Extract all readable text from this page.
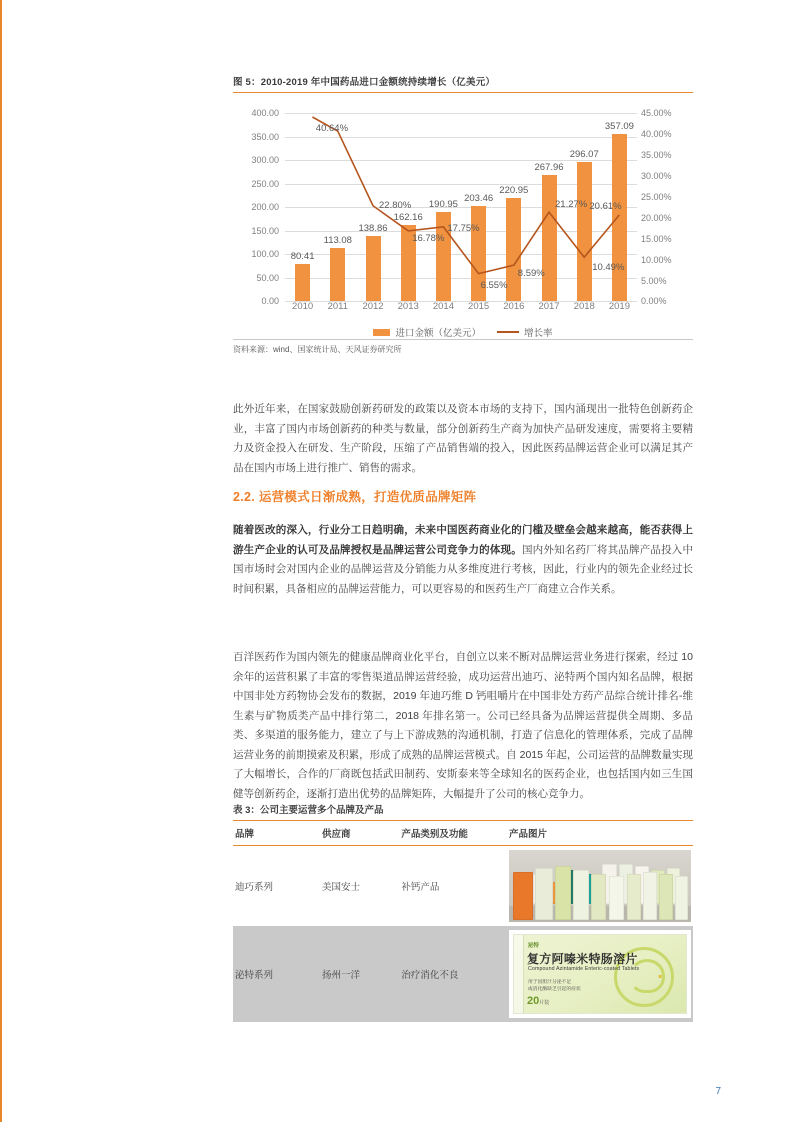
图 5：2010-2019 年中国药品进口金额统持续增长（亿美元）
0.00
50.00
100.00
150.00
200.00
250.00
300.00
350.00
400.00
0.00%
5.00%
10.00%
15.00%
20.00%
25.00%
30.00%
35.00%
40.00%
45.00%
80.41
113.08
138.86
162.16
190.95
203.46
220.95
267.96
296.07
357.09
22.80%
16.78%
17.75%
6.55%
8.59%
21.27%
10.49%
20.61%
40.64%
2010	2011	2012	2013	2014	2015	2016	2017	2018	2019
进口金额（亿美元）	增长率
资料来源：wind、国家统计局、天风证券研究所
此外近年来，在国家鼓励创新药研发的政策以及资本市场的支持下，国内涌现出一批特色创新药企业，丰富了国内市场创新药的种类与数量，部分创新药生产商为加快产品研发速度，需要将主要精力及资金投入在研发、生产阶段，压缩了产品销售端的投入，因此医药品牌运营企业可以满足其产品在国内市场上进行推广、销售的需求。
2.2. 运营模式日渐成熟，打造优质品牌矩阵
随着医改的深入，行业分工日趋明确，未来中国医药商业化的门槛及壁垒会越来越高，能否获得上游生产企业的认可及品牌授权是品牌运营公司竞争力的体现。国内外知名药厂将其品牌产品投入中国市场时会对国内企业的品牌运营及分销能力从多维度进行考核，因此，行业内的领先企业经过长时间积累，具备相应的品牌运营能力，可以更容易的和医药生产厂商建立合作关系。
百洋医药作为国内领先的健康品牌商业化平台，自创立以来不断对品牌运营业务进行探索，经过 10 余年的运营积累了丰富的零售渠道品牌运营经验，成功运营出迪巧、泌特两个国内知名品牌，根据中国非处方药物协会发布的数据，2019 年迪巧维 D 钙咀嚼片在中国非处方药产品综合统计排名-维生素与矿物质类产品中排行第二，2018 年排名第一。公司已经具备为品牌运营提供全周期、多品类、多渠道的服务能力，建立了与上下游成熟的沟通机制，打造了信息化的管理体系，完成了品牌运营业务的前期摸索及积累，形成了成熟的品牌运营模式。自 2015 年起，公司运营的品牌数量实现了大幅增长，合作的厂商既包括武田制药、安斯泰来等全球知名的医药企业，也包括国内如三生国健等创新药企，逐渐打造出优势的品牌矩阵，大幅提升了公司的核心竞争力。
表 3：公司主要运营多个品牌及产品
品牌	供应商	产品类别及功能	产品图片
迪巧系列	美国安士	补钙产品	

泌特系列	扬州一洋	治疗消化不良	.
泌特
复方阿嗪米特肠溶片
Compound Azintamide Enteric-coated Tablets
用于因胆汁分泌不足
或消化酶缺乏引起的症状
20片装
7
